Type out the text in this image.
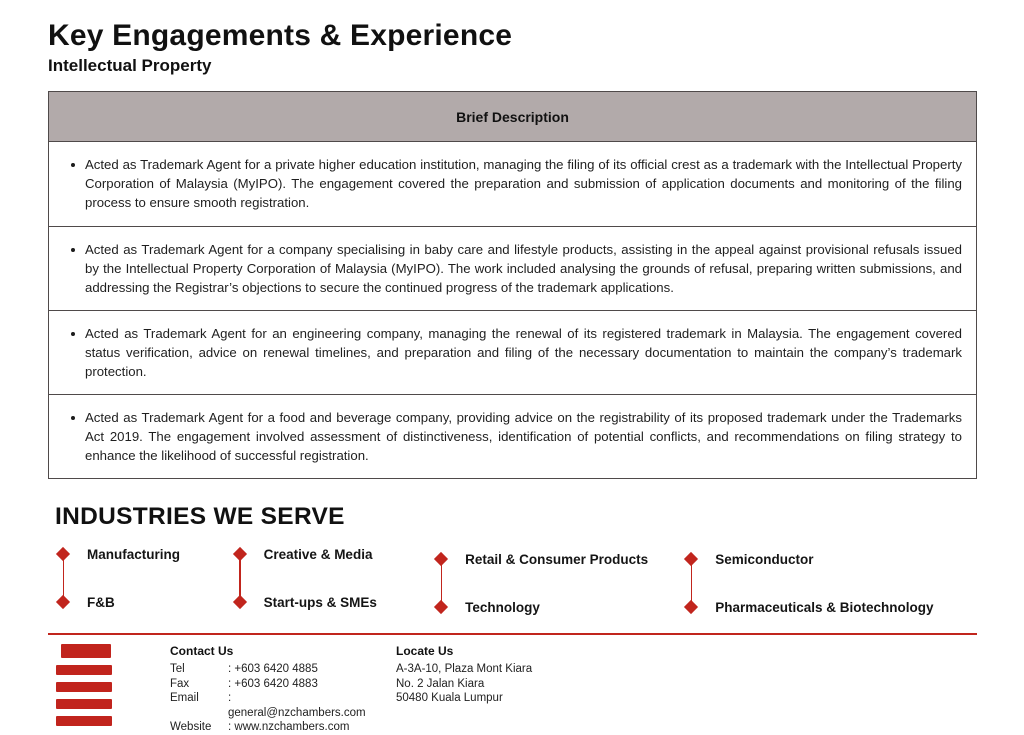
Key Engagements & Experience
Intellectual Property
Brief Description

Acted as Trademark Agent for a private higher education institution, managing the filing of its official crest as a trademark with the Intellectual Property Corporation of Malaysia (MyIPO). The engagement covered the preparation and submission of application documents and monitoring of the filing process to ensure smooth registration.

Acted as Trademark Agent for a company specialising in baby care and lifestyle products, assisting in the appeal against provisional refusals issued by the Intellectual Property Corporation of Malaysia (MyIPO). The work included analysing the grounds of refusal, preparing written submissions, and addressing the Registrar’s objections to secure the continued progress of the trademark applications.

Acted as Trademark Agent for an engineering company, managing the renewal of its registered trademark in Malaysia. The engagement covered status verification, advice on renewal timelines, and preparation and filing of the necessary documentation to maintain the company’s trademark protection.

Acted as Trademark Agent for a food and beverage company, providing advice on the registrability of its proposed trademark under the Trademarks Act 2019. The engagement involved assessment of distinctiveness, identification of potential conflicts, and recommendations on filing strategy to enhance the likelihood of successful registration.
INDUSTRIES WE SERVE
Manufacturing
F&B
Creative & Media
Start-ups & SMEs
Retail & Consumer Products
Technology
Semiconductor
Pharmaceuticals & Biotechnology
Contact Us
Tel	: +603 6420 4885
Fax	: +603 6420 4883
Email	: general@nzchambers.com
Website	: www.nzchambers.com
Locate Us
A-3A-10, Plaza Mont Kiara
No. 2 Jalan Kiara
50480 Kuala Lumpur
